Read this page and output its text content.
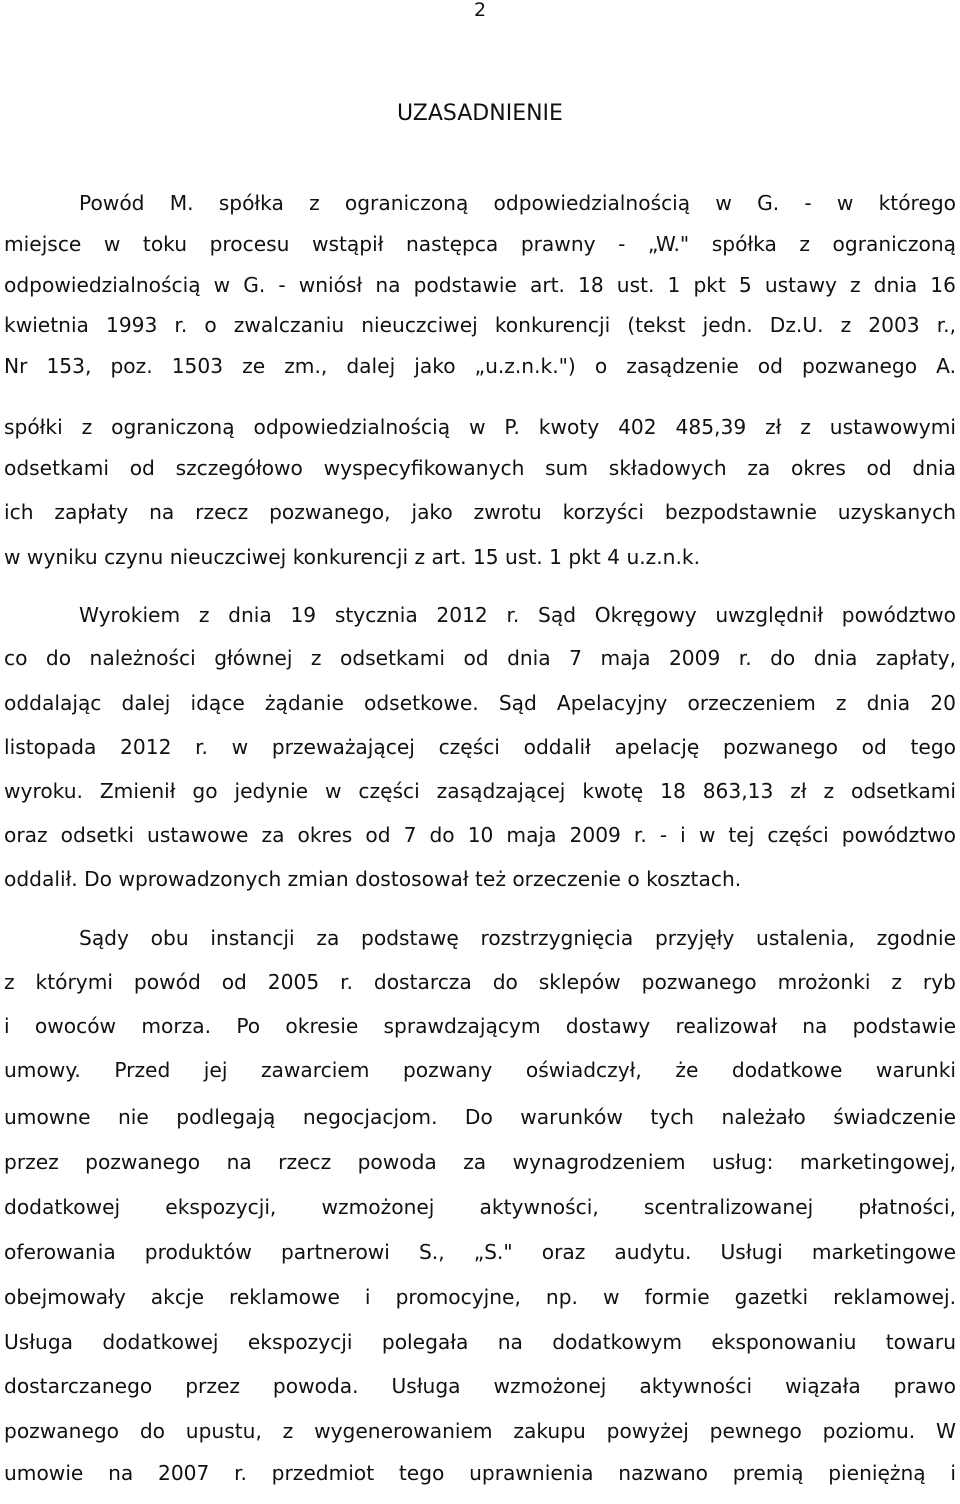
2
UZASADNIENIE
Powód M. spółka z ograniczoną odpowiedzialnością w G. - w którego
miejsce w toku procesu wstąpił następca prawny - „W." spółka z ograniczoną
odpowiedzialnością w G. - wniósł na podstawie art. 18 ust. 1 pkt 5 ustawy z dnia 16
kwietnia 1993 r. o zwalczaniu nieuczciwej konkurencji (tekst jedn. Dz.U. z 2003 r.,
Nr 153, poz. 1503 ze zm., dalej jako „u.z.n.k.") o zasądzenie od pozwanego A.
spółki z ograniczoną odpowiedzialnością w P. kwoty 402 485,39 zł z ustawowymi
odsetkami od szczegółowo wyspecyfikowanych sum składowych za okres od dnia
ich zapłaty na rzecz pozwanego, jako zwrotu korzyści bezpodstawnie uzyskanych
w wyniku czynu nieuczciwej konkurencji z art. 15 ust. 1 pkt 4 u.z.n.k.
Wyrokiem z dnia 19 stycznia 2012 r. Sąd Okręgowy uwzględnił powództwo
co do należności głównej z odsetkami od dnia 7 maja 2009 r. do dnia zapłaty,
oddalając dalej idące żądanie odsetkowe. Sąd Apelacyjny orzeczeniem z dnia 20
listopada 2012 r. w przeważającej części oddalił apelację pozwanego od tego
wyroku. Zmienił go jedynie w części zasądzającej kwotę 18 863,13 zł z odsetkami
oraz odsetki ustawowe za okres od 7 do 10 maja 2009 r. - i w tej części powództwo
oddalił. Do wprowadzonych zmian dostosował też orzeczenie o kosztach.
Sądy obu instancji za podstawę rozstrzygnięcia przyjęły ustalenia, zgodnie
z którymi powód od 2005 r. dostarcza do sklepów pozwanego mrożonki z ryb
i owoców morza. Po okresie sprawdzającym dostawy realizował na podstawie
umowy. Przed jej zawarciem pozwany oświadczył, że dodatkowe warunki
umowne nie podlegają negocjacjom. Do warunków tych należało świadczenie
przez pozwanego na rzecz powoda za wynagrodzeniem usług: marketingowej,
dodatkowej ekspozycji, wzmożonej aktywności, scentralizowanej płatności,
oferowania produktów partnerowi S., „S." oraz audytu. Usługi marketingowe
obejmowały akcje reklamowe i promocyjne, np. w formie gazetki reklamowej.
Usługa dodatkowej ekspozycji polegała na dodatkowym eksponowaniu towaru
dostarczanego przez powoda. Usługa wzmożonej aktywności wiązała prawo
pozwanego do upustu, z wygenerowaniem zakupu powyżej pewnego poziomu. W
umowie na 2007 r. przedmiot tego uprawnienia nazwano premią pieniężną i
